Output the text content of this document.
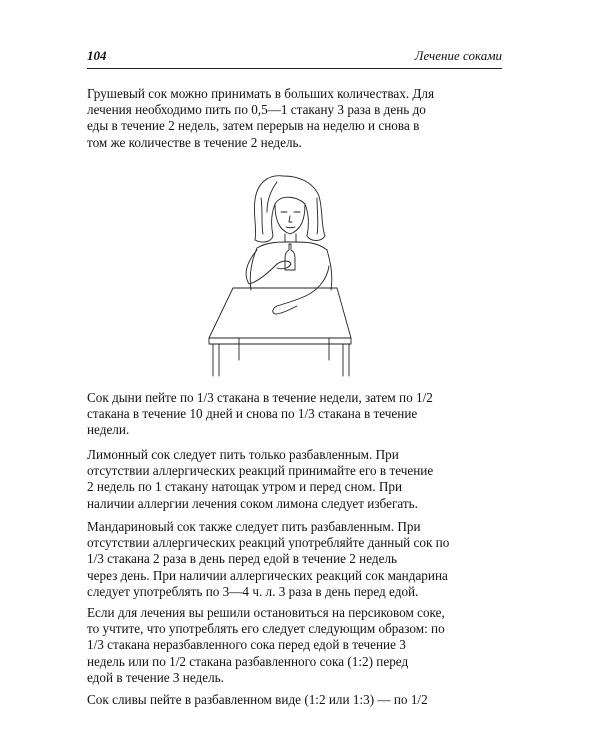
104	Лечение соками

Грушевый сок можно принимать в больших количествах. Для
лечения необходимо пить по 0,5—1 стакану 3 раза в день до
еды в течение 2 недель, затем перерыв на неделю и снова в
том же количестве в течение 2 недель.

Сок дыни пейте по 1/3 стакана в течение недели, затем по 1/2
стакана в течение 10 дней и снова по 1/3 стакана в течение
недели.

Лимонный сок следует пить только разбавленным. При
отсутствии аллергических реакций принимайте его в течение
2 недель по 1 стакану натощак утром и перед сном. При
наличии аллергии лечения соком лимона следует избегать.

Мандариновый сок также следует пить разбавленным. При
отсутствии аллергических реакций употребляйте данный сок по
1/3 стакана 2 раза в день перед едой в течение 2 недель
через день. При наличии аллергических реакций сок мандарина
следует употреблять по 3—4 ч. л. 3 раза в день перед едой.

Если для лечения вы решили остановиться на персиковом соке,
то учтите, что употреблять его следует следующим образом: по
1/3 стакана неразбавленного сока перед едой в течение 3
недель или по 1/2 стакана разбавленного сока (1:2) перед
едой в течение 3 недель.

Сок сливы пейте в разбавленном виде (1:2 или 1:3) — по 1/2
